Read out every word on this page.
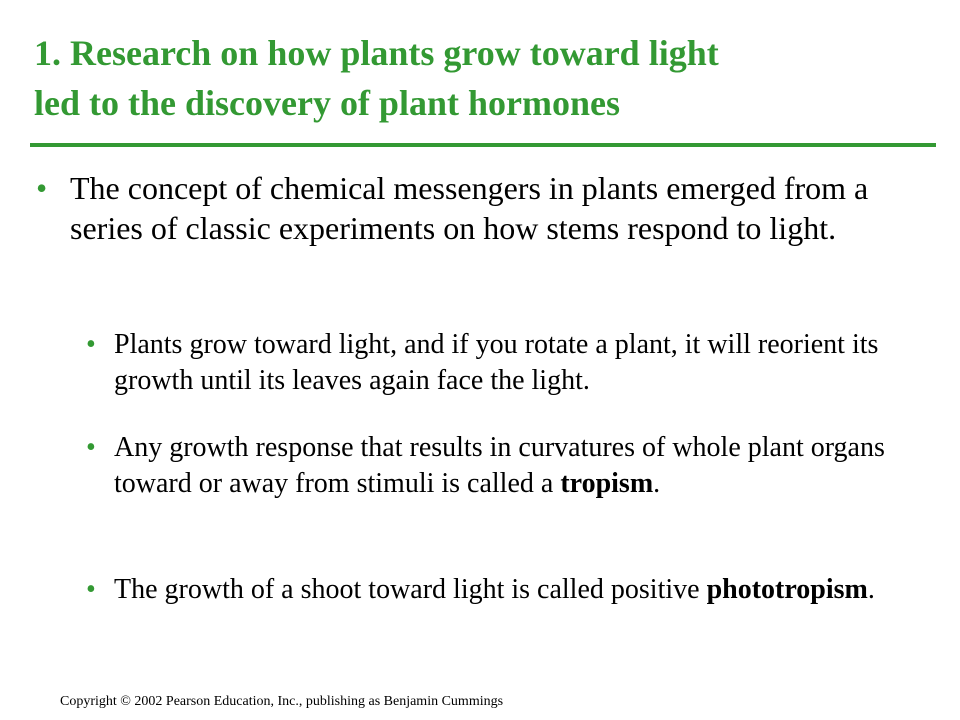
1. Research on how plants grow toward light
led to the discovery of plant hormones
• The concept of chemical messengers in plants emerged from a series of classic experiments on how stems respond to light.
• Plants grow toward light, and if you rotate a plant, it will reorient its growth until its leaves again face the light.
• Any growth response that results in curvatures of whole plant organs toward or away from stimuli is called a tropism.
• The growth of a shoot toward light is called positive phototropism.
Copyright © 2002 Pearson Education, Inc., publishing as Benjamin Cummings
